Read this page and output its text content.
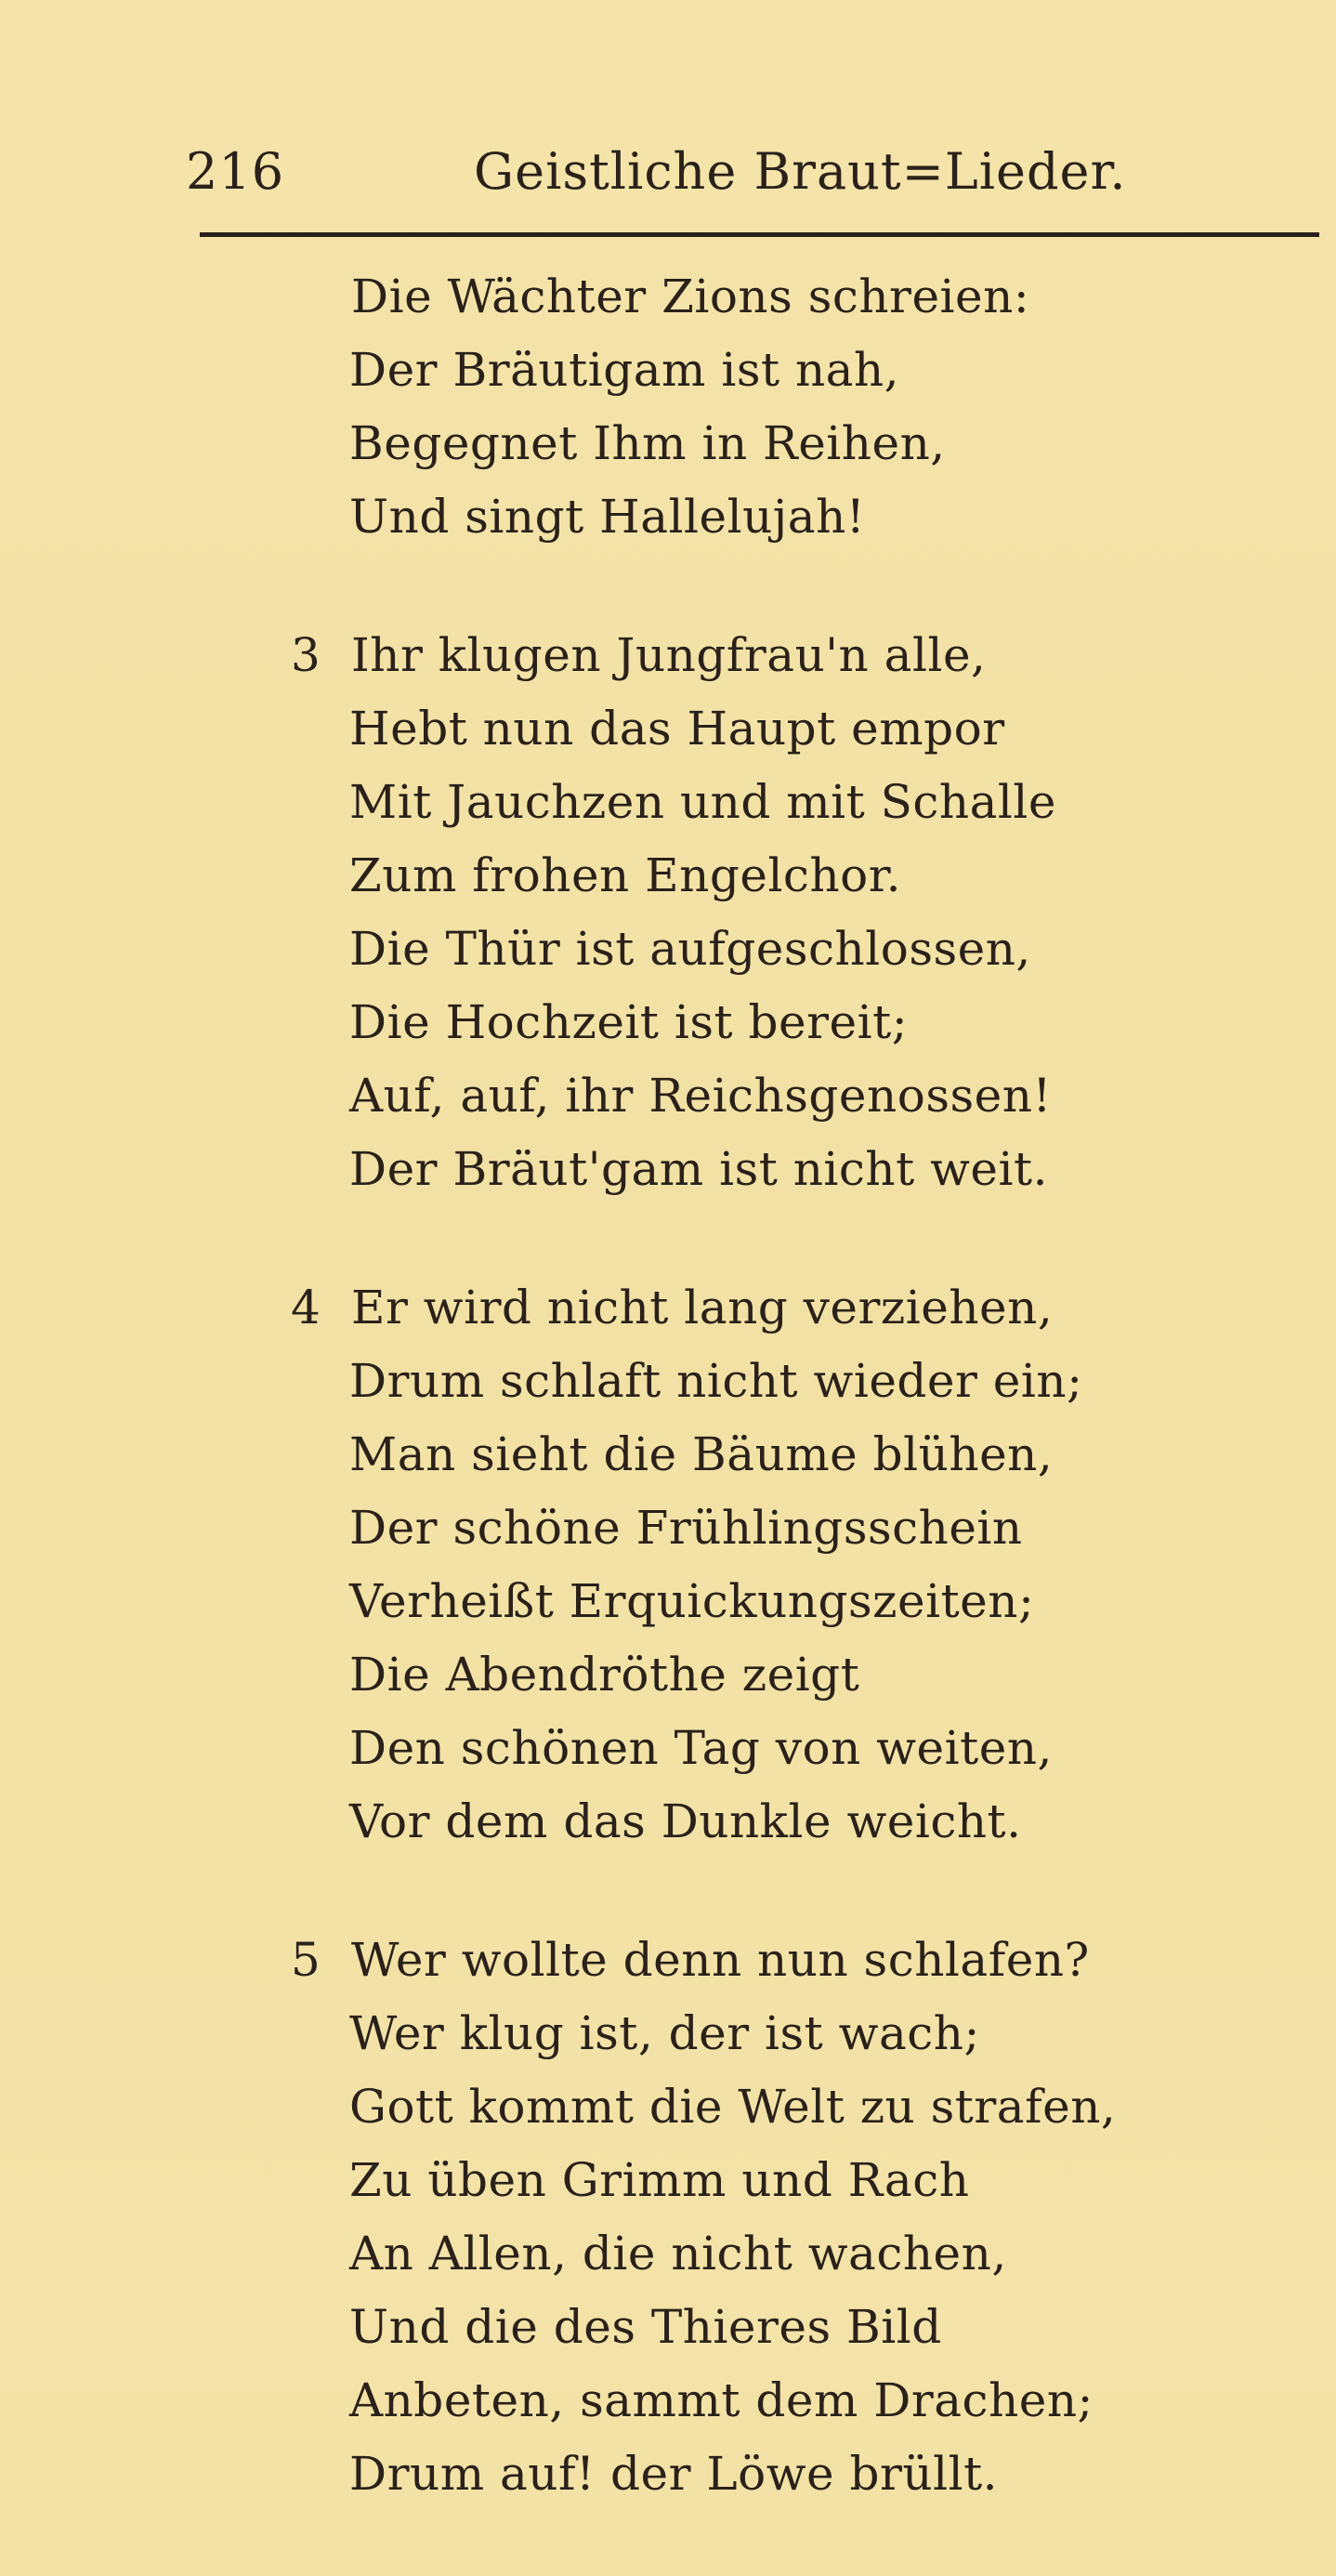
216	Geistliche Braut=Lieder.
Die Wächter Zions schreien:
Der Bräutigam ist nah,
Begegnet Ihm in Reihen,
Und singt Hallelujah!
3 Ihr klugen Jungfrau'n alle,
Hebt nun das Haupt empor
Mit Jauchzen und mit Schalle
Zum frohen Engelchor.
Die Thür ist aufgeschlossen,
Die Hochzeit ist bereit;
Auf, auf, ihr Reichsgenossen!
Der Bräut'gam ist nicht weit.
4 Er wird nicht lang verziehen,
Drum schlaft nicht wieder ein;
Man sieht die Bäume blühen,
Der schöne Frühlingsschein
Verheißt Erquickungszeiten;
Die Abendröthe zeigt
Den schönen Tag von weiten,
Vor dem das Dunkle weicht.
5 Wer wollte denn nun schlafen?
Wer klug ist, der ist wach;
Gott kommt die Welt zu strafen,
Zu üben Grimm und Rach
An Allen, die nicht wachen,
Und die des Thieres Bild
Anbeten, sammt dem Drachen;
Drum auf! der Löwe brüllt.
